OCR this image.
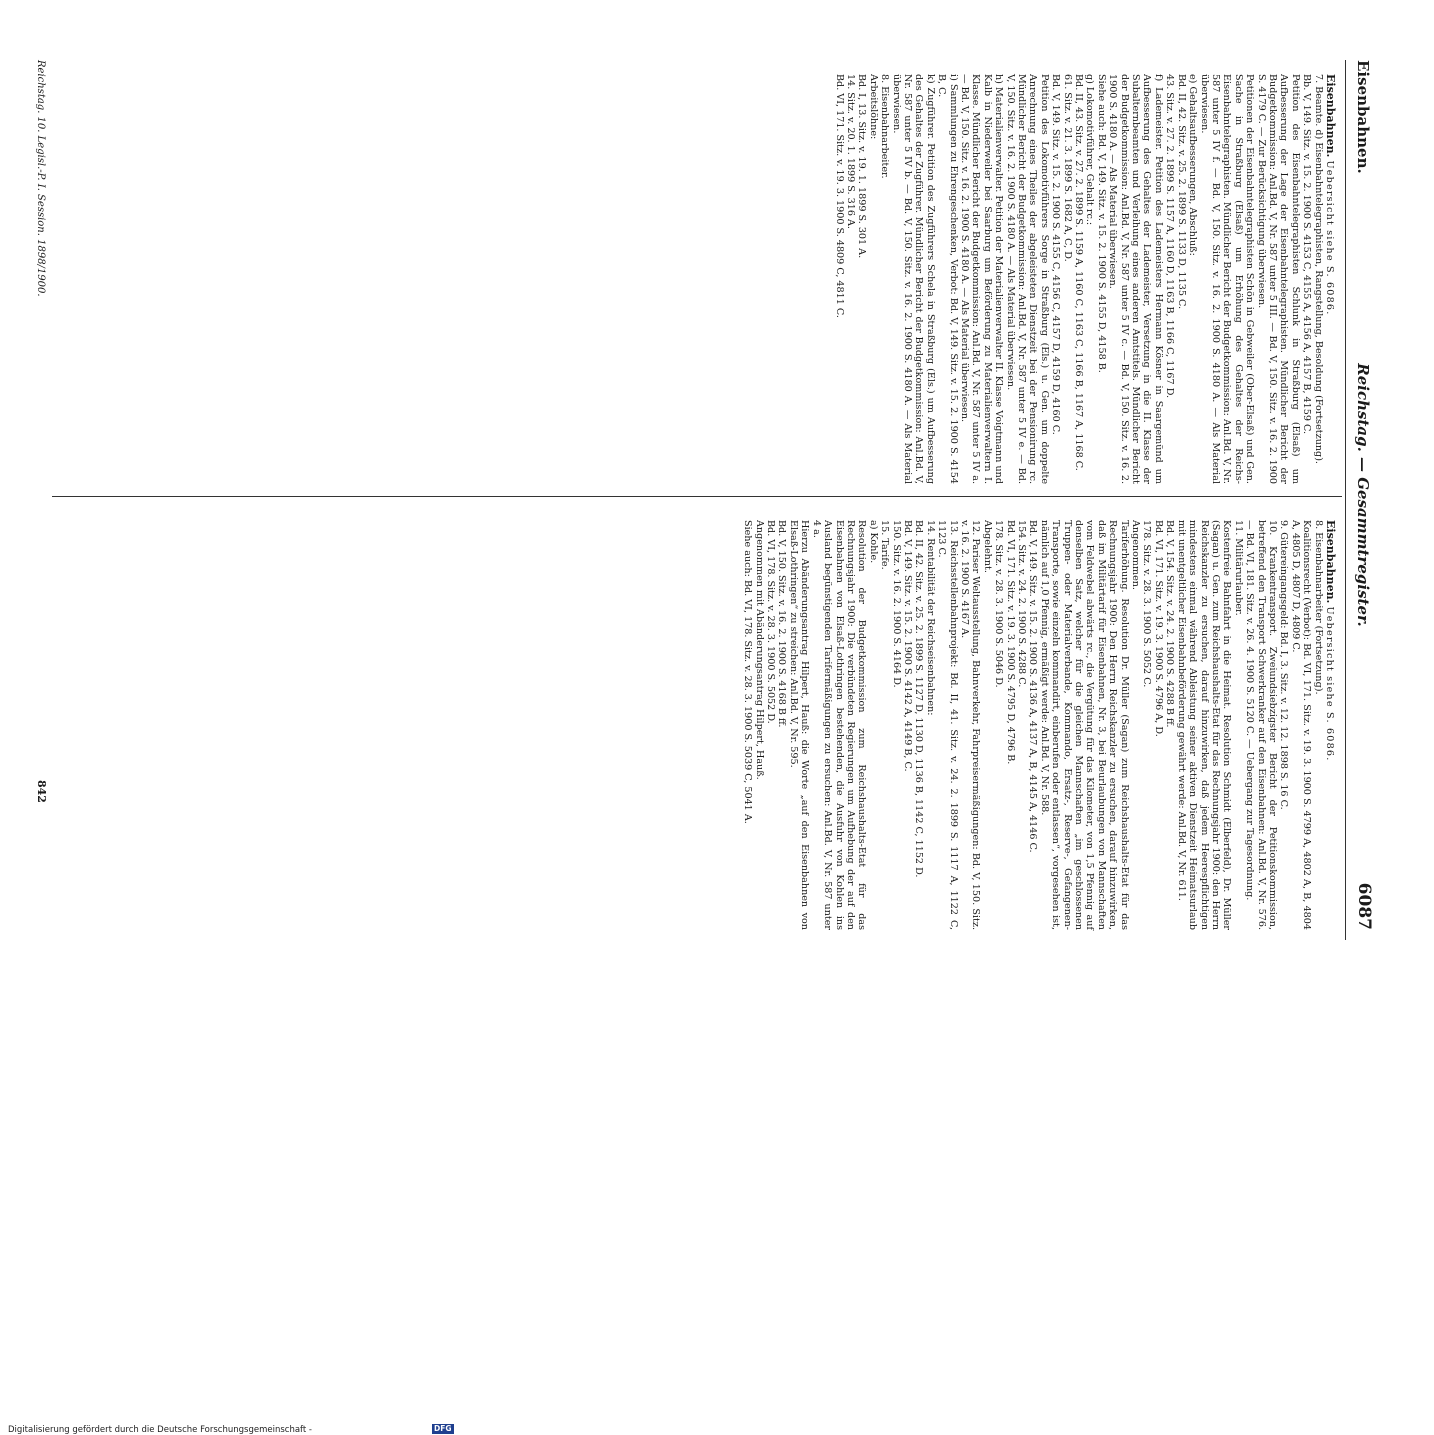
Eisenbahnen.
Reichstag. — Gesammtregister.
6087

Eisenbahnen. Uebersicht siehe S. 6086.

7. Beamte. d) Eisenbahntelegraphisten, Rangstellung, Besoldung (Fortsetzung).

Bb. V, 149. Sitz. v. 15. 2. 1900 S. 4153 C, 4155 A, 4156 A, 4157 B, 4159 C.

Petition des Eisenbahntelegraphisten Schlunk in Straßburg (Elsaß) um Aufbesserung der Lage der Eisenbahntelegraphisten. Mündlicher Bericht der Budgetkommission: Anl.Bd. V, Nr. 587 unter 5 III. — Bd. V, 150. Sitz. v. 16. 2. 1900 S. 4179 C. — Zur Berücksichtigung überwiesen.

Petitionen der Eisenbahntelegraphisten Schön in Gebweiler (Ober-Elsaß) und Gen. Sache in Straßburg (Elsaß) um Erhöhung des Gehaltes der Reichs-Eisenbahntelegraphisten. Mündlicher Bericht der Budgetkommission: Anl.Bd. V, Nr. 587 unter 5 IV f. — Bd. V, 150. Sitz. v. 16. 2. 1900 S. 4180 A. — Als Material überwiesen.

e) Gehaltsaufbesserungen, Abschluß:

Bd. II, 42. Sitz. v. 25. 2. 1899 S. 1133 D, 1135 C.

43. Sitz. v. 27. 2. 1899 S. 1157 A, 1160 D, 1163 B, 1166 C, 1167 D.

f) Lademeister. Petition des Lademeisters Hermann Kösner in Saargemünd um Aufbesserung des Gehaltes der Lademeister, Versetzung in die II. Klasse der Subalternbeamten und Verleihung eines anderen Amtstitels. Mündlicher Bericht der Budgetkommission: Anl.Bd. V, Nr. 587 unter 5 IV c. — Bd. V, 150. Sitz. v. 16. 2. 1900 S. 4180 A. — Als Material überwiesen.

Siehe auch: Bd. V, 149. Sitz. v. 15. 2. 1900 S. 4155 D, 4158 B.

g) Lokomotivführer, Gehalt rc.:

Bd. II, 43. Sitz. v. 27. 2. 1899 S. 1159 A, 1160 C, 1163 C, 1166 B, 1167 A, 1168 C.

61. Sitz. v. 21. 3. 1899 S. 1682 A, C, D.

Bd. V, 149. Sitz. v. 15. 2. 1900 S. 4155 C, 4156 C, 4157 D, 4159 D, 4160 C.

Petition des Lokomotivführers Sorge in Straßburg (Els.) u. Gen. um doppelte Anrechnung eines Theiles der abgeleisteten Dienstzeit bei der Pensionirung rc. Mündlicher Bericht der Budgetkommission: Anl.Bd. V, Nr. 587 unter 5 IV e. — Bd. V, 150. Sitz. v. 16. 2. 1900 S. 4180 A. — Als Material überwiesen.

h) Materialienverwalter. Petition der Materialienverwalter II. Klasse Voigtmann und Kalb in Niederweiler bei Saarburg um Beförderung zu Materialienverwaltern I. Klasse. Mündlicher Bericht der Budgetkommission: Anl.Bd. V, Nr. 587 unter 5 IV a. — Bd. V, 150. Sitz. v. 16. 2. 1900 S. 4180 A. — Als Material überwiesen.

i) Sammlungen zu Ehrengeschenken, Verbot: Bd. V, 149. Sitz. v. 15. 2. 1900 S. 4154 B, C.

k) Zugführer. Petition des Zugführers Schela in Straßburg (Els.) um Aufbesserung des Gehaltes der Zugführer. Mündlicher Bericht der Budgetkommission: Anl.Bd. V, Nr. 587 unter 5 IV b. — Bd. V, 150. Sitz. v. 16. 2. 1900 S. 4180 A. — Als Material überwiesen.

8. Eisenbahnarbeiter.

Arbeitslöhne:

Bd. I, 13. Sitz. v. 19. 1. 1899 S. 301 A.

14. Sitz. v. 20. 1. 1899 S. 316 A.

Bd. VI, 171. Sitz. v. 19. 3. 1900 S. 4809 C, 4811 C.

Eisenbahnen. Uebersicht siehe S. 6086.

8. Eisenbahnarbeiter (Fortsetzung).

Koalitionsrecht (Verbot): Bd. VI, 171. Sitz. v. 19. 3. 1900 S. 4799 A, 4802 A, B, 4804 A, 4805 D, 4807 D, 4809 C.

9. Gütereingangsgeld: Bd. I, 3. Sitz. v. 12. 12. 1898 S. 16 C.

10. Krankentransport. Zweiundsiebzigster Bericht der Petitionskommission, betreffend den Transport Schwerkranker auf den Eisenbahnen: Anl.Bd. V, Nr. 576. — Bd. VI, 181. Sitz. v. 26. 4. 1900 S. 5120 C. — Uebergang zur Tagesordnung.

11. Militärurlauber.

Kostenfreie Bahnfahrt in die Heimat. Resolution Schmidt (Elberfeld), Dr. Müller (Sagan) u. Gen. zum Reichshaushalts-Etat für das Rechnungsjahr 1900: den Herrn Reichskanzler zu ersuchen, darauf hinzuwirken, daß jedem Heerespflichtigen mindestens einmal während Ableistung seiner aktiven Dienstzeit Heimatsurlaub mit unentgeltlicher Eisenbahnbeförderung gewährt werde: Anl.Bd. V, Nr. 611.

Bd. V, 154. Sitz. v. 24. 2. 1900 S. 4288 B ff.

Bd. VI, 171. Sitz. v. 19. 3. 1900 S. 4796 A, D.

178. Sitz. v. 28. 3. 1900 S. 5052 C.

Angenommen.

Tariferhöhung. Resolution Dr. Müller (Sagan) zum Reichshaushalts-Etat für das Rechnungsjahr 1900: Den Herrn Reichskanzler zu ersuchen, darauf hinzuwirken, daß im Militärtarif für Eisenbahnen, Nr. 3, bei Beurlaubungen von Mannschaften vom Feldwebel abwärts rc., die Vergütung für das Kilometer, von 1,5 Pfennig auf denselben Satz, welcher für die gleichen Mannschaften „im geschlossenen Truppen- oder Materialverbande, Kommando, Ersatz-, Reserve-, Gefangenen-Transporte, sowie einzeln kommandirt, einberufen oder entlassen“, vorgesehen ist, nämlich auf 1,0 Pfennig, ermäßigt werde: Anl.Bd. V, Nr. 588.

Bd. V, 149. Sitz. v. 15. 2. 1900 S. 4136 A, 4137 A, B, 4145 A, 4146 C.

154. Sitz. v. 24. 2. 1900 S. 4288 C.

Bd. VI, 171. Sitz. v. 19. 3. 1900 S. 4795 D, 4796 B.

178. Sitz. v. 28. 3. 1900 S. 5046 D.

Abgelehnt.

12. Pariser Weltausstellung, Bahnverkehr, Fahrpreisermäßigungen: Bd. V, 150. Sitz. v. 16. 2. 1900 S. 4167 A.

13. Reichsstellenbahnprojekt: Bd. II, 41. Sitz. v. 24. 2. 1899 S. 1117 A, 1122 C, 1123 C.

14. Rentabilität der Reichseisenbahnen:

Bd. II, 42. Sitz. v. 25. 2. 1899 S. 1127 D, 1130 D, 1136 B, 1142 C, 1152 D.

Bd. V, 149. Sitz. v. 15. 2. 1900 S. 4142 A, 4149 B, C.

150. Sitz. v. 16. 2. 1900 S. 4164 D.

15. Tarife.

a) Kohle.

Resolution der Budgetkommission zum Reichshaushalts-Etat für das Rechnungsjahr 1900: Die verbündeten Regierungen um Aufhebung der auf den Eisenbahnen von Elsaß-Lothringen bestehenden, die Ausfuhr von Kohlen ins Ausland begünstigenden Tarifermäßigungen zu ersuchen: Anl.Bd. V, Nr. 587 unter 4 a.

Hierzu Abänderungsantrag Hilpert, Hauß: die Worte „auf den Eisenbahnen von Elsaß-Lothringen“ zu streichen: Anl.Bd. V, Nr. 595.

Bd. V, 150. Sitz. v. 16. 2. 1900 S. 4168 B ff.

Bd. VI, 178. Sitz. v. 28. 3. 1900 S. 5052 D.

Angenommen mit Abänderungsantrag Hilpert, Hauß.

Siehe auch: Bd. VI, 178. Sitz. v. 28. 3. 1900 S. 5039 C, 5041 A.

Reichstag. 10. Legisl.-P. I. Session. 1898/1900.
842
Digitalisierung gefördert durch die Deutsche Forschungsgemeinschaft -	DFG
